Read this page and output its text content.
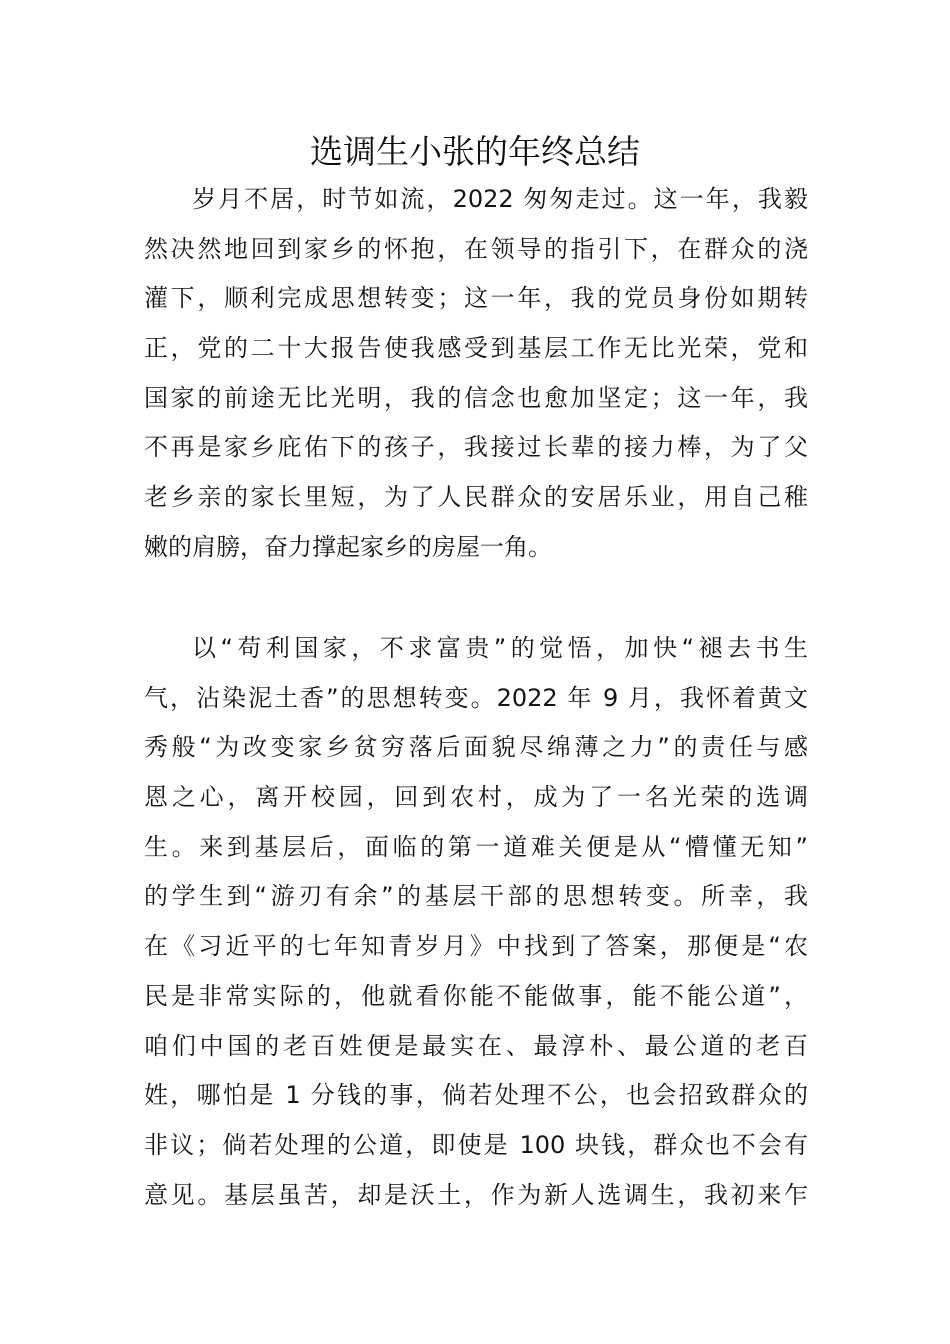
选调生小张的年终总结
岁月不居，时节如流，2022 匆匆走过。这一年，我毅
然决然地回到家乡的怀抱，在领导的指引下，在群众的浇
灌下，顺利完成思想转变；这一年，我的党员身份如期转
正，党的二十大报告使我感受到基层工作无比光荣，党和
国家的前途无比光明，我的信念也愈加坚定；这一年，我
不再是家乡庇佑下的孩子，我接过长辈的接力棒，为了父
老乡亲的家长里短，为了人民群众的安居乐业，用自己稚
嫩的肩膀，奋力撑起家乡的房屋一角。
以“苟利国家，不求富贵”的觉悟，加快“褪去书生
气，沾染泥土香”的思想转变。2022 年 9 月，我怀着黄文
秀般“为改变家乡贫穷落后面貌尽绵薄之力”的责任与感
恩之心，离开校园，回到农村，成为了一名光荣的选调
生。来到基层后，面临的第一道难关便是从“懵懂无知”
的学生到“游刃有余”的基层干部的思想转变。所幸，我
在《习近平的七年知青岁月》中找到了答案，那便是“农
民是非常实际的，他就看你能不能做事，能不能公道”，
咱们中国的老百姓便是最实在、最淳朴、最公道的老百
姓，哪怕是 1 分钱的事，倘若处理不公，也会招致群众的
非议；倘若处理的公道，即使是 100 块钱，群众也不会有
意见。基层虽苦，却是沃土，作为新人选调生，我初来乍
